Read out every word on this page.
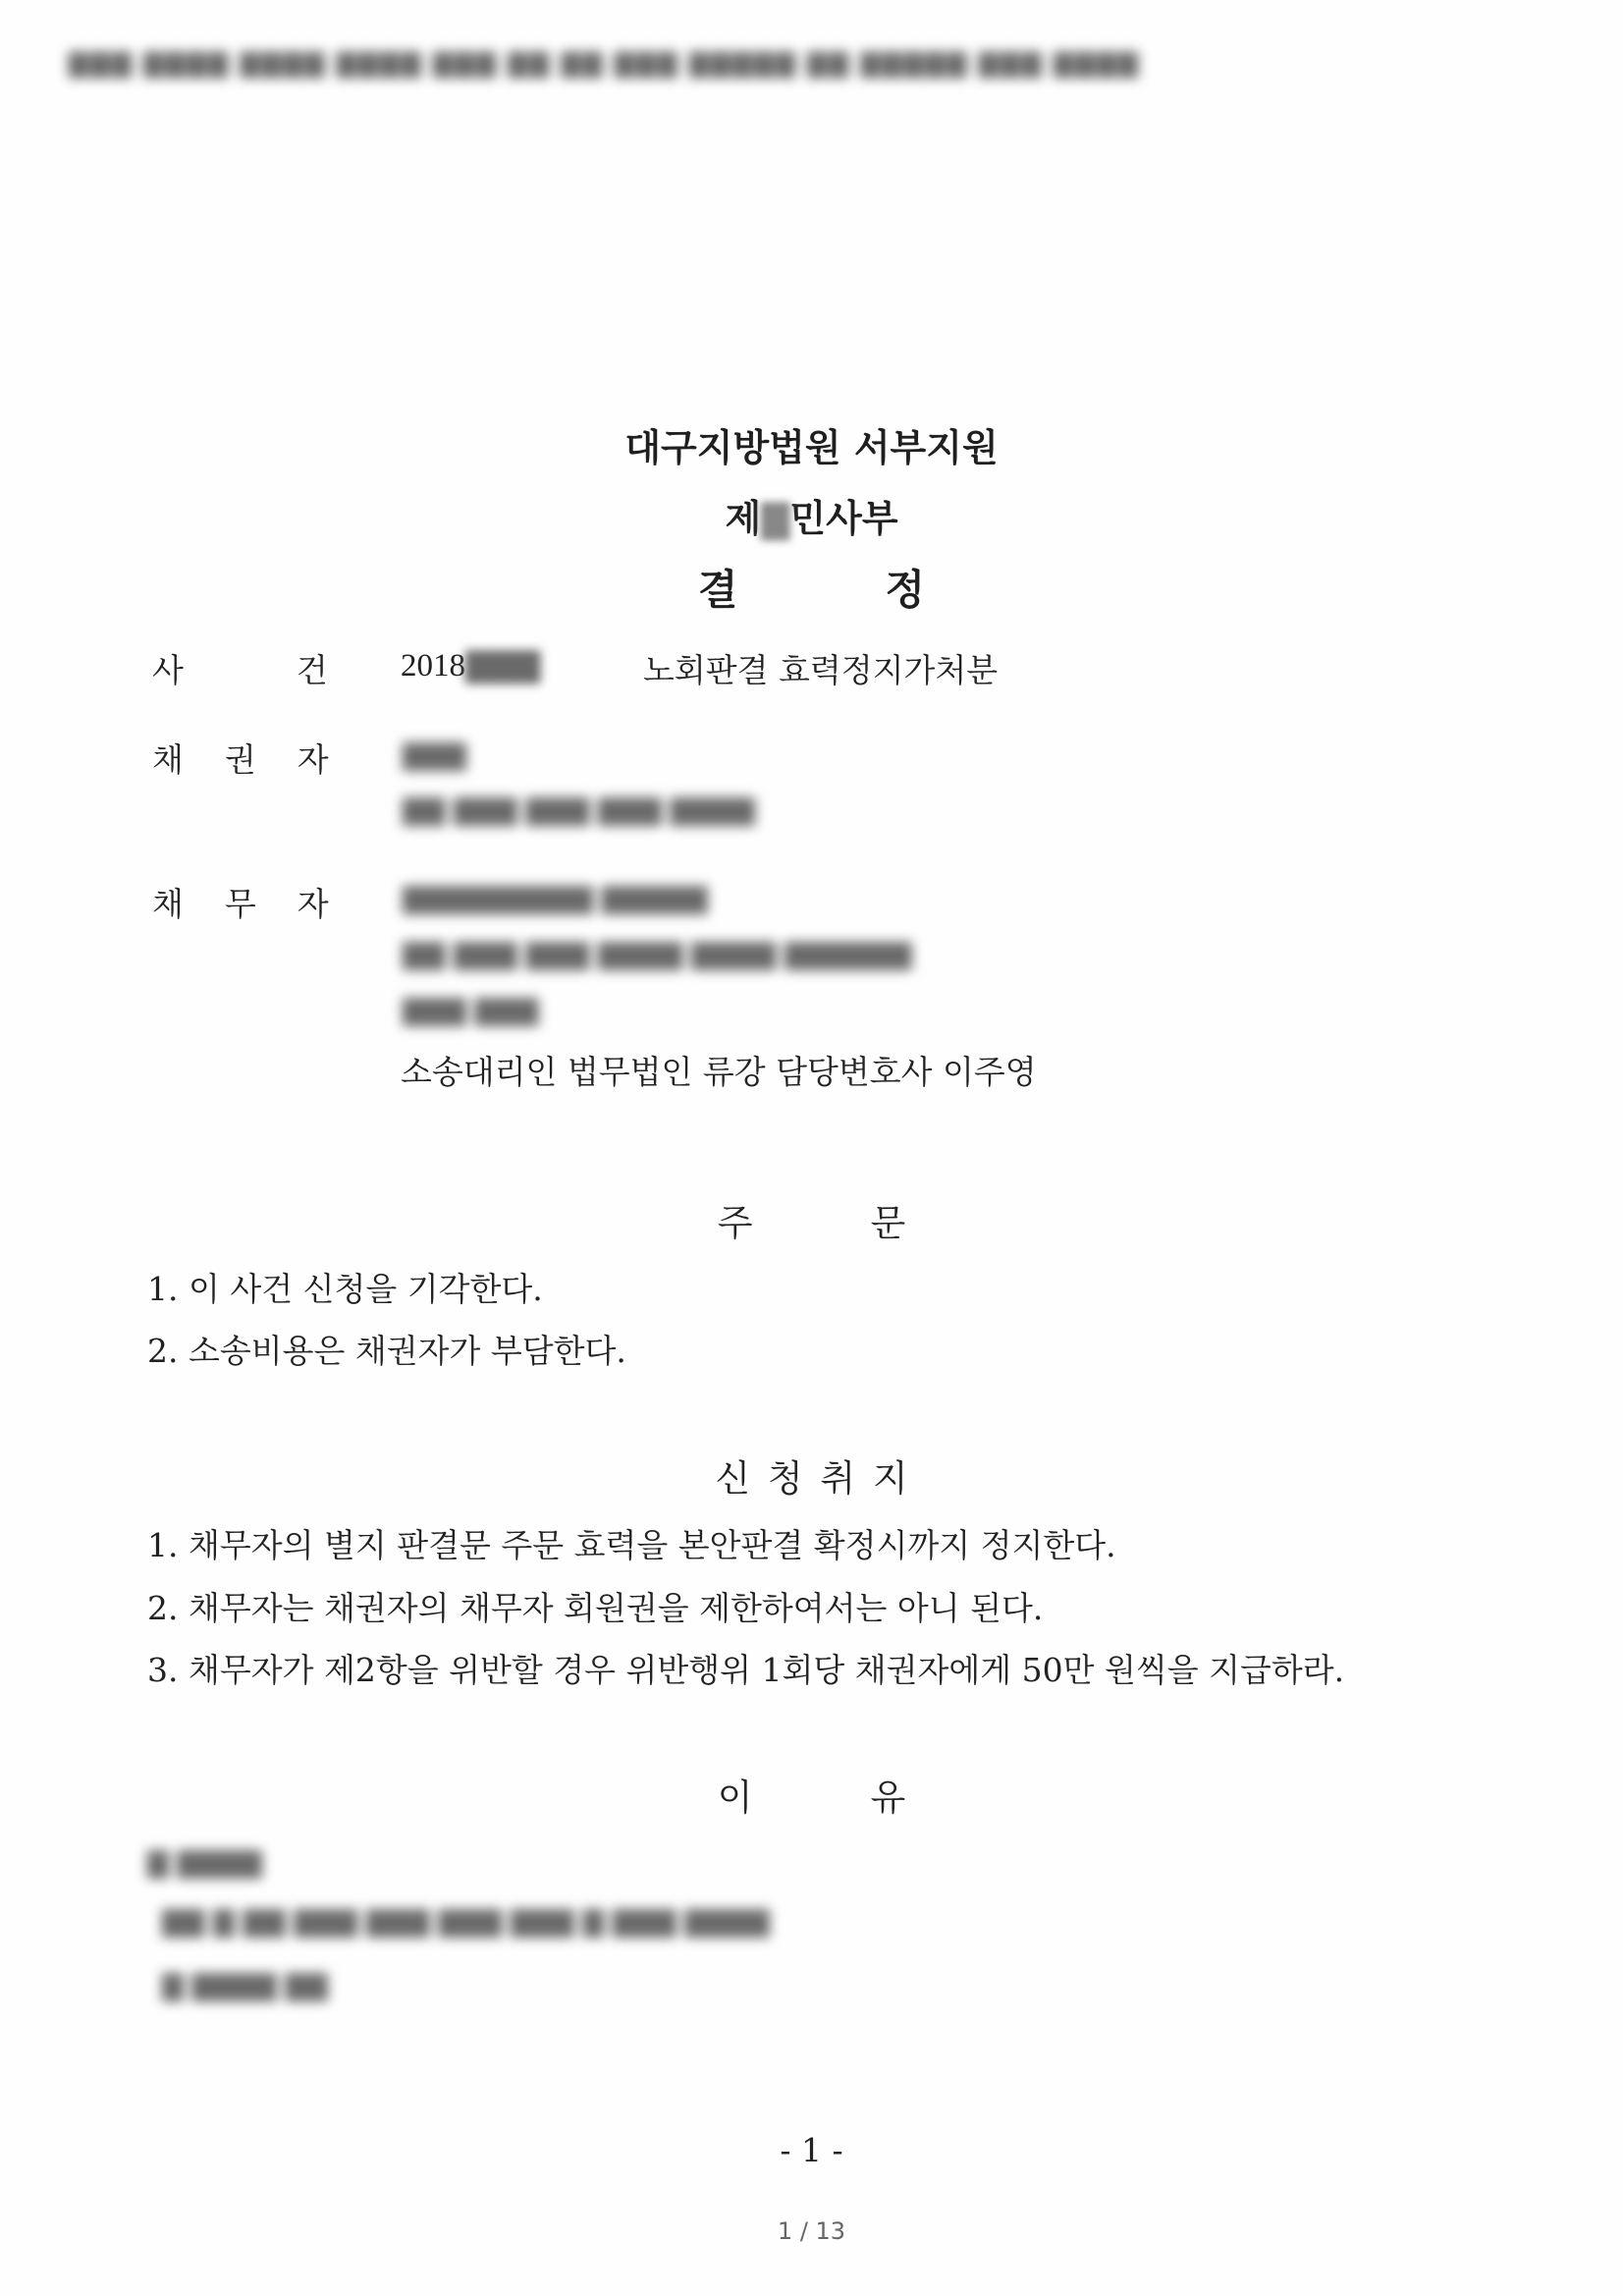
▇▇▇ ▇▇▇▇ ▇▇▇▇ ▇▇▇▇ ▇▇▇ ▇▇ ▇▇ ▇▇▇ ▇▇▇▇▇ ▇▇ ▇▇▇▇▇ ▇▇▇ ▇▇▇▇
대구지방법원 서부지원
제▇민사부
결	정
사	건 2018▇▇▇	노회판결 효력정지가처분
채 권 자	▇▇▇
▇▇ ▇▇▇ ▇▇▇ ▇▇▇ ▇▇▇▇
채 무 자	▇▇▇▇▇▇▇▇▇ ▇▇▇▇▇
▇▇ ▇▇▇ ▇▇▇ ▇▇▇▇ ▇▇▇▇ ▇▇▇▇▇▇
▇▇▇ ▇▇▇
소송대리인 법무법인 류강 담당변호사 이주영
주	문
1. 이 사건 신청을 기각한다.
2. 소송비용은 채권자가 부담한다.
신 청 취 지
1. 채무자의 별지 판결문 주문 효력을 본안판결 확정시까지 정지한다.
2. 채무자는 채권자의 채무자 회원권을 제한하여서는 아니 된다.
3. 채무자가 제2항을 위반할 경우 위반행위 1회당 채권자에게 50만 원씩을 지급하라.
이	유
▇ ▇▇▇▇
▇▇ ▇ ▇▇ ▇▇▇ ▇▇▇ ▇▇▇ ▇▇▇ ▇ ▇▇▇ ▇▇▇▇
▇ ▇▇▇▇ ▇▇
- 1 -
1 / 13
